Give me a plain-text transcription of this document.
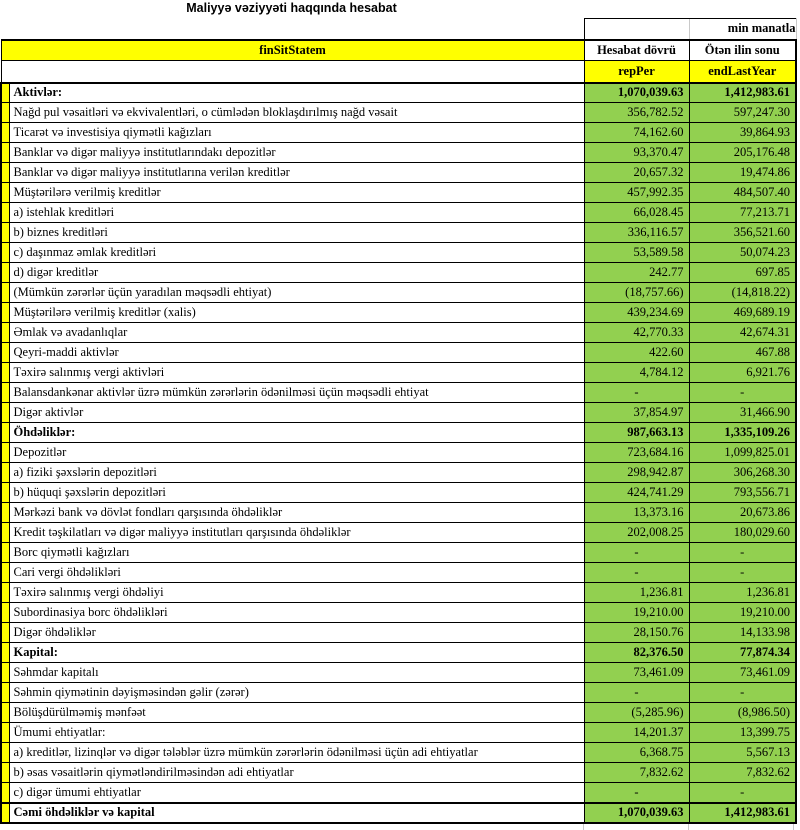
Maliyyə vəziyyəti haqqında hesabat
			min manatla
finSitStatem		Hesabat dövrü	Ötən ilin sonu
		repPer	endLastYear
	Aktivlər:	1,070,039.63	1,412,983.61
	Nağd pul vəsaitləri və ekvivalentləri, o cümlədən bloklaşdırılmış nağd vəsait	356,782.52	597,247.30
	Ticarət və investisiya qiymətli kağızları	74,162.60	39,864.93
	Banklar və digər maliyyə institutlarındakı depozitlər	93,370.47	205,176.48
	Banklar və digər maliyyə institutlarına verilən kreditlər	20,657.32	19,474.86
	Müştərilərə verilmiş kreditlər	457,992.35	484,507.40
	a) istehlak kreditləri	66,028.45	77,213.71
	b) biznes kreditləri	336,116.57	356,521.60
	c) daşınmaz əmlak kreditləri	53,589.58	50,074.23
	d) digər kreditlər	242.77	697.85
	(Mümkün zərərlər üçün yaradılan məqsədli ehtiyat)	(18,757.66)	(14,818.22)
	Müştərilərə verilmiş kreditlər (xalis)	439,234.69	469,689.19
	Əmlak və avadanlıqlar	42,770.33	42,674.31
	Qeyri-maddi aktivlər	422.60	467.88
	Təxirə salınmış vergi aktivləri	4,784.12	6,921.76
	Balansdankənar aktivlər üzrə mümkün zərərlərin ödənilməsi üçün məqsədli ehtiyat	-	-
	Digər aktivlər	37,854.97	31,466.90
	Öhdəliklər:	987,663.13	1,335,109.26
	Depozitlər	723,684.16	1,099,825.01
	a) fiziki şəxslərin depozitləri	298,942.87	306,268.30
	b) hüquqi şəxslərin depozitləri	424,741.29	793,556.71
	Mərkəzi bank və dövlət fondları qarşısında öhdəliklər	13,373.16	20,673.86
	Kredit təşkilatları və digər maliyyə institutları qarşısında öhdəliklər	202,008.25	180,029.60
	Borc qiymətli kağızları	-	-
	Cari vergi öhdəlikləri	-	-
	Təxirə salınmış vergi öhdəliyi	1,236.81	1,236.81
	Subordinasiya borc öhdəlikləri	19,210.00	19,210.00
	Digər öhdəliklər	28,150.76	14,133.98
	Kapital:	82,376.50	77,874.34
	Səhmdar kapitalı	73,461.09	73,461.09
	Səhmin qiymətinin dəyişməsindən gəlir (zərər)	-	-
	Bölüşdürülməmiş mənfəət	(5,285.96)	(8,986.50)
	Ümumi ehtiyatlar:	14,201.37	13,399.75
	a) kreditlər, lizinqlər və digər tələblər üzrə mümkün zərərlərin ödənilməsi üçün adi ehtiyatlar	6,368.75	5,567.13
	b) əsas vəsaitlərin qiymətləndirilməsindən adi ehtiyatlar	7,832.62	7,832.62
	c) digər ümumi ehtiyatlar	-	-
	Cəmi öhdəliklər və kapital	1,070,039.63	1,412,983.61
